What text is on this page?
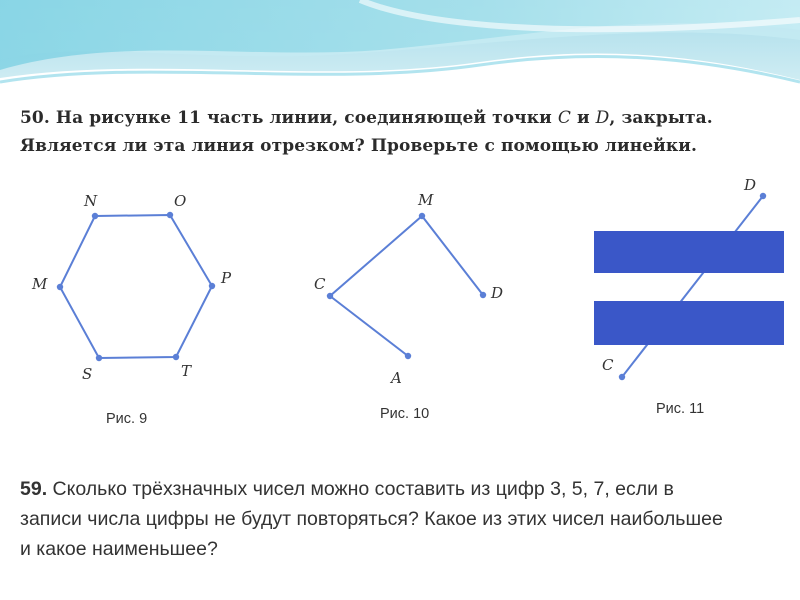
50. На рисунке 11 часть линии, соединяющей точки C и D, закрыта.
Является ли эта линия отрезком? Проверьте с помощью линейки.
N	O
M	P
S	T
Рис. 9
M
C	D
A
Рис. 10
D
C
Рис. 11
59. Сколько трёхзначных чисел можно составить из цифр 3, 5, 7, если в
записи числа цифры не будут повторяться? Какое из этих чисел наибольшее
и какое наименьшее?
